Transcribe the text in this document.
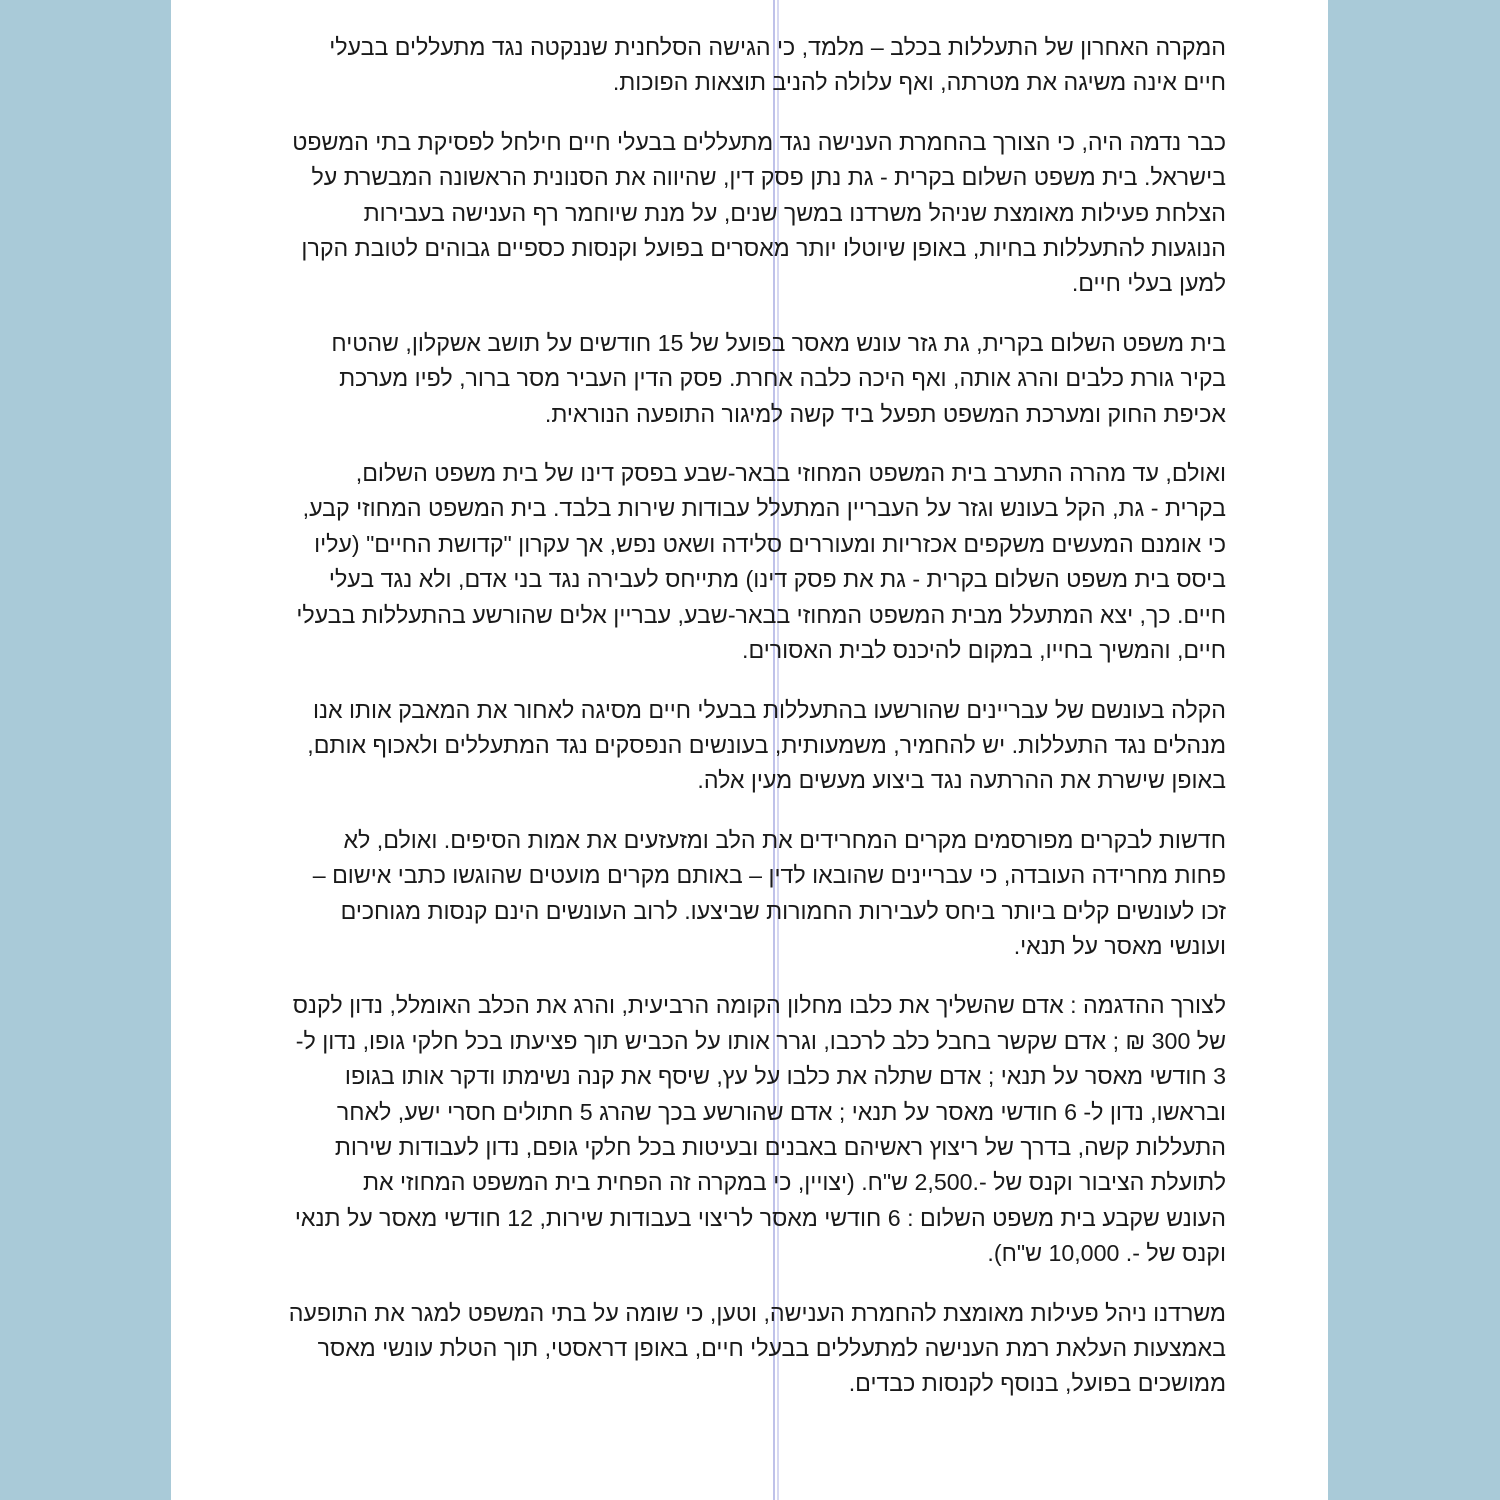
המקרה האחרון של התעללות בכלב – מלמד, כי הגישה הסלחנית שננקטה נגד מתעללים בבעלי
חיים אינה משיגה את מטרתה, ואף עלולה להניב תוצאות הפוכות.

כבר נדמה היה, כי הצורך בהחמרת הענישה נגד מתעללים בבעלי חיים חילחל לפסיקת בתי המשפט
בישראל. בית משפט השלום בקרית - גת נתן פסק דין, שהיווה את הסנונית הראשונה המבשרת על
הצלחת פעילות מאומצת שניהל משרדנו במשך שנים, על מנת שיוחמר רף הענישה בעבירות
הנוגעות להתעללות בחיות, באופן שיוטלו יותר מאסרים בפועל וקנסות כספיים גבוהים לטובת הקרן
למען בעלי חיים.

בית משפט השלום בקרית, גת גזר עונש מאסר בפועל של 15 חודשים על תושב אשקלון, שהטיח
בקיר גורת כלבים והרג אותה, ואף היכה כלבה אחרת. פסק הדין העביר מסר ברור, לפיו מערכת
אכיפת החוק ומערכת המשפט תפעל ביד קשה למיגור התופעה הנוראית.

ואולם, עד מהרה התערב בית המשפט המחוזי בבאר-שבע בפסק דינו של בית משפט השלום,
בקרית - גת, הקל בעונש וגזר על העבריין המתעלל עבודות שירות בלבד. בית המשפט המחוזי קבע,
כי אומנם המעשים משקפים אכזריות ומעוררים סלידה ושאט נפש, אך עקרון "קדושת החיים" (עליו
ביסס בית משפט השלום בקרית - גת את פסק דינו) מתייחס לעבירה נגד בני אדם, ולא נגד בעלי
חיים. כך, יצא המתעלל מבית המשפט המחוזי בבאר-שבע, עבריין אלים שהורשע בהתעללות בבעלי
חיים, והמשיך בחייו, במקום להיכנס לבית האסורים.

הקלה בעונשם של עבריינים שהורשעו בהתעללות בבעלי חיים מסיגה לאחור את המאבק אותו אנו
מנהלים נגד התעללות. יש להחמיר, משמעותית, בעונשים הנפסקים נגד המתעללים ולאכוף אותם,
באופן שישרת את ההרתעה נגד ביצוע מעשים מעין אלה.

חדשות לבקרים מפורסמים מקרים המחרידים את הלב ומזעזעים את אמות הסיפים. ואולם, לא
פחות מחרידה העובדה, כי עבריינים שהובאו לדין – באותם מקרים מועטים שהוגשו כתבי אישום –
זכו לעונשים קלים ביותר ביחס לעבירות החמורות שביצעו. לרוב העונשים הינם קנסות מגוחכים
ועונשי מאסר על תנאי.

לצורך ההדגמה : אדם שהשליך את כלבו מחלון הקומה הרביעית, והרג את הכלב האומלל, נדון לקנס
של 300 ₪ ; אדם שקשר בחבל כלב לרכבו, וגרר אותו על הכביש תוך פציעתו בכל חלקי גופו, נדון ל-
3 חודשי מאסר על תנאי ; אדם שתלה את כלבו על עץ, שיסף את קנה נשימתו ודקר אותו בגופו
ובראשו, נדון ל- 6 חודשי מאסר על תנאי ; אדם שהורשע בכך שהרג 5 חתולים חסרי ישע, לאחר
התעללות קשה, בדרך של ריצוץ ראשיהם באבנים ובעיטות בכל חלקי גופם, נדון לעבודות שירות
לתועלת הציבור וקנס של -.2,500 ש"ח. (יצויין, כי במקרה זה הפחית בית המשפט המחוזי את
העונש שקבע בית משפט השלום : 6 חודשי מאסר לריצוי בעבודות שירות, 12 חודשי מאסר על תנאי
וקנס של -. 10,000 ש"ח).

משרדנו ניהל פעילות מאומצת להחמרת הענישה, וטען, כי שומה על בתי המשפט למגר את התופעה
באמצעות העלאת רמת הענישה למתעללים בבעלי חיים, באופן דראסטי, תוך הטלת עונשי מאסר
ממושכים בפועל, בנוסף לקנסות כבדים.
